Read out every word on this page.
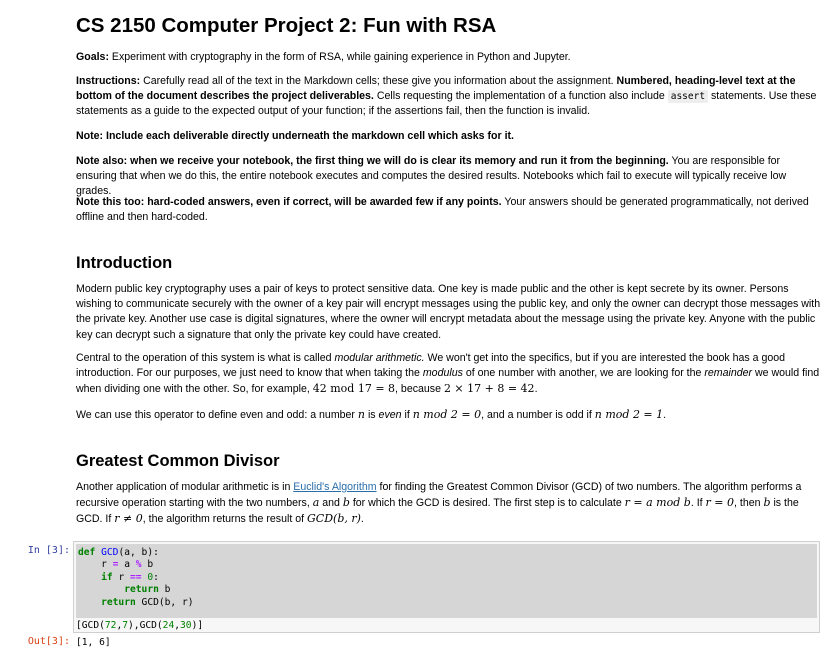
CS 2150 Computer Project 2: Fun with RSA

Goals: Experiment with cryptography in the form of RSA, while gaining experience in Python and Jupyter.

Instructions: Carefully read all of the text in the Markdown cells; these give you information about the assignment. Numbered, heading-level text at the bottom of the document describes the project deliverables. Cells requesting the implementation of a function also include assert statements. Use these statements as a guide to the expected output of your function; if the assertions fail, then the function is invalid.

Note: Include each deliverable directly underneath the markdown cell which asks for it.

Note also: when we receive your notebook, the first thing we will do is clear its memory and run it from the beginning. You are responsible for ensuring that when we do this, the entire notebook executes and computes the desired results. Notebooks which fail to execute will typically receive low grades.

Note this too: hard-coded answers, even if correct, will be awarded few if any points. Your answers should be generated programmatically, not derived offline and then hard-coded.

Introduction

Modern public key cryptography uses a pair of keys to protect sensitive data. One key is made public and the other is kept secrete by its owner. Persons wishing to communicate securely with the owner of a key pair will encrypt messages using the public key, and only the owner can decrypt those messages with the private key. Another use case is digital signatures, where the owner will encrypt metadata about the message using the private key. Anyone with the public key can decrypt such a signature that only the private key could have created.

Central to the operation of this system is what is called modular arithmetic. We won't get into the specifics, but if you are interested the book has a good introduction. For our purposes, we just need to know that when taking the modulus of one number with another, we are looking for the remainder we would find when dividing one with the other. So, for example, 42 mod 17 = 8, because 2 × 17 + 8 = 42.

We can use this operator to define even and odd: a number n is even if n mod 2 = 0, and a number is odd if n mod 2 = 1.

Greatest Common Divisor

Another application of modular arithmetic is in Euclid's Algorithm for finding the Greatest Common Divisor (GCD) of two numbers. The algorithm performs a recursive operation starting with the two numbers, a and b for which the GCD is desired. The first step is to calculate r = a mod b. If r = 0, then b is the GCD. If r ≠ 0, the algorithm returns the result of GCD(b, r).

In [3]: def GCD(a, b):
r = a % b
if r == 0:
return b
return GCD(b, r)
[GCD(72,7),GCD(24,30)]
Out[3]: [1, 6]
